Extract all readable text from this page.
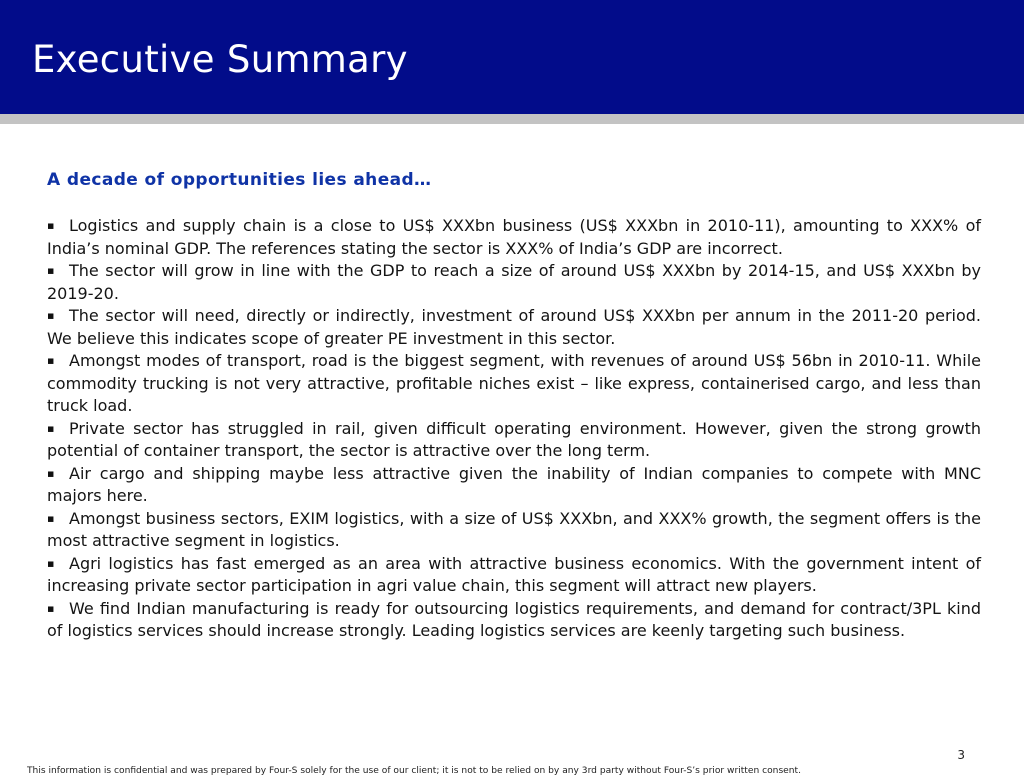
Executive Summary
A decade of opportunities lies ahead…
▪ Logistics and supply chain is a close to US$ XXXbn business (US$ XXXbn in 2010-11), amounting to XXX% of India’s nominal GDP. The references stating the sector is XXX% of India’s GDP are incorrect.
▪ The sector will grow in line with the GDP to reach a size of around US$ XXXbn by 2014-15, and US$ XXXbn by 2019-20.
▪ The sector will need, directly or indirectly, investment of around US$ XXXbn per annum in the 2011-20 period. We believe this indicates scope of greater PE investment in this sector.
▪ Amongst modes of transport, road is the biggest segment, with revenues of around US$ 56bn in 2010-11. While commodity trucking is not very attractive, profitable niches exist – like express, containerised cargo, and less than truck load.
▪ Private sector has struggled in rail, given difficult operating environment. However, given the strong growth potential of container transport, the sector is attractive over the long term.
▪ Air cargo and shipping maybe less attractive given the inability of Indian companies to compete with MNC majors here.
▪ Amongst business sectors, EXIM logistics, with a size of US$ XXXbn, and XXX% growth, the segment offers is the most attractive segment in logistics.
▪ Agri logistics has fast emerged as an area with attractive business economics. With the government intent of increasing private sector participation in agri value chain, this segment will attract new players.
▪ We find Indian manufacturing is ready for outsourcing logistics requirements, and demand for contract/3PL kind of logistics services should increase strongly. Leading logistics services are keenly targeting such business.
3
This information is confidential and was prepared by Four-S solely for the use of our client; it is not to be relied on by any 3rd party without Four-S’s prior written consent.
